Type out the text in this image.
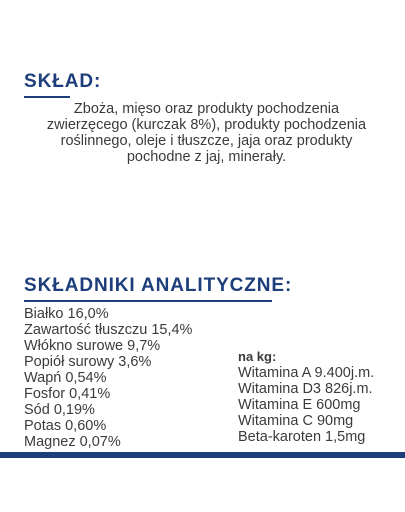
SKŁAD:

Zboża, mięso oraz produkty pochodzenia
zwierzęcego (kurczak 8%), produkty pochodzenia
roślinnego, oleje i tłuszcze, jaja oraz produkty
pochodne z jaj, minerały.

SKŁADNIKI ANALITYCZNE:
Białko 16,0%
Zawartość tłuszczu 15,4%
Włókno surowe 9,7%
Popiół surowy 3,6%
Wapń 0,54%
Fosfor 0,41%
Sód 0,19%
Potas 0,60%
Magnez 0,07%

na kg:

Witamina A 9.400j.m.
Witamina D3 826j.m.
Witamina E 600mg
Witamina C 90mg
Beta-karoten 1,5mg
